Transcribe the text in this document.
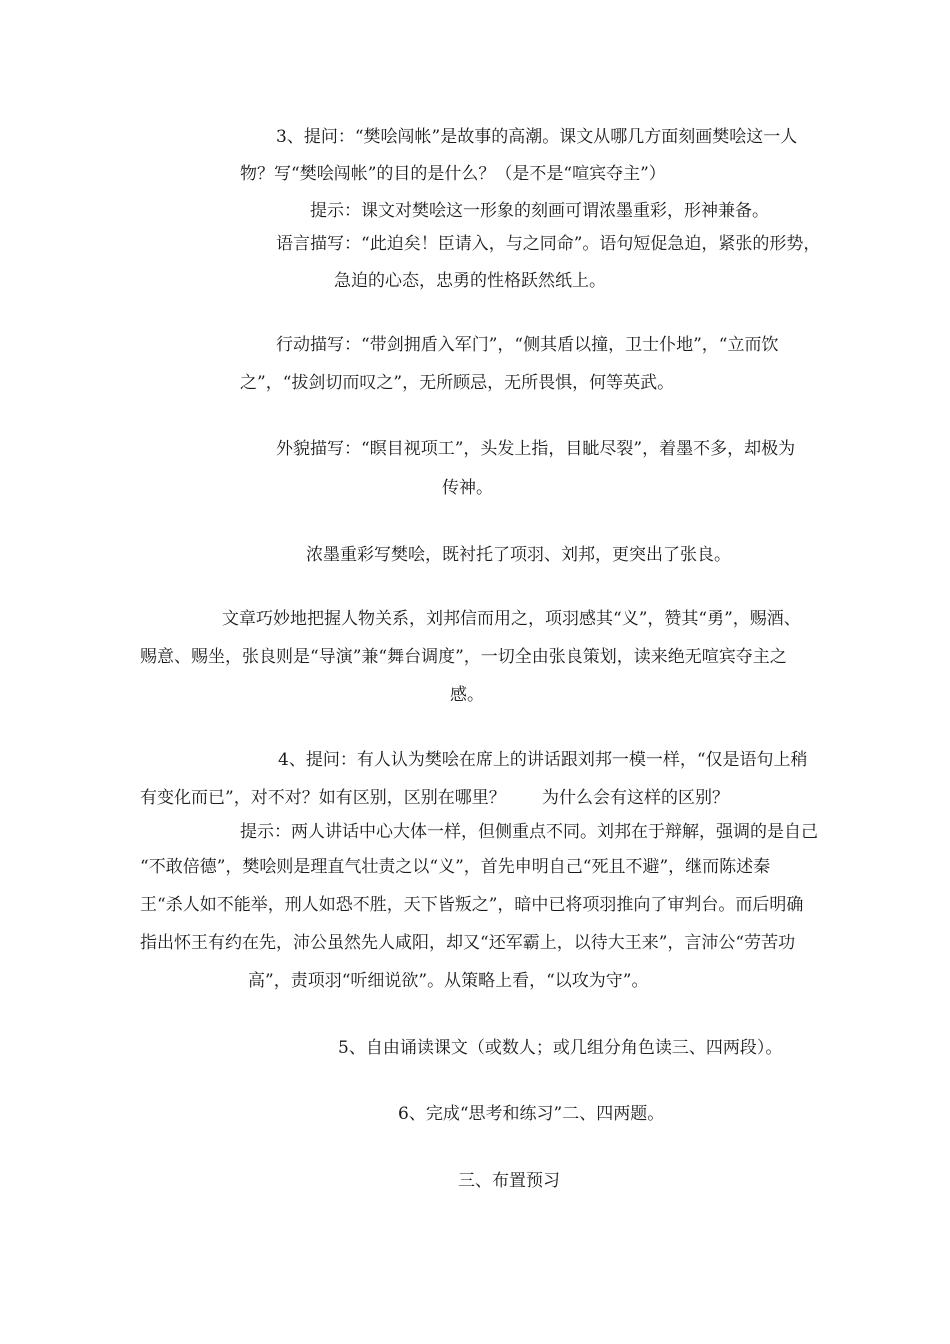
3、提问：“樊哙闯帐”是故事的高潮。课文从哪几方面刻画樊哙这一人
物？写“樊哙闯帐”的目的是什么？（是不是“喧宾夺主”）
提示：课文对樊哙这一形象的刻画可谓浓墨重彩，形神兼备。
语言描写：“此迫矣！臣请入，与之同命”。语句短促急迫，紧张的形势，
急迫的心态，忠勇的性格跃然纸上。
行动描写：“带剑拥盾入军门”，“侧其盾以撞，卫士仆地”，“立而饮
之”，“拔剑切而叹之”，无所顾忌，无所畏惧，何等英武。
外貌描写：“瞑目视项工”，头发上指，目眦尽裂”，着墨不多，却极为
传神。
浓墨重彩写樊哙，既衬托了项羽、刘邦，更突出了张良。
文章巧妙地把握人物关系，刘邦信而用之，项羽感其“义”，赞其“勇”，赐酒、
赐意、赐坐，张良则是“导演”兼“舞台调度”，一切全由张良策划，读来绝无喧宾夺主之
感。
4、提问：有人认为樊哙在席上的讲话跟刘邦一模一样，“仅是语句上稍
有变化而已”，对不对？如有区别，区别在哪里？ 为什么会有这样的区别？
提示：两人讲话中心大体一样，但侧重点不同。刘邦在于辩解，强调的是自己
“不敢倍德”，樊哙则是理直气壮责之以“义”，首先申明自己“死且不避”，继而陈述秦
王“杀人如不能举，刑人如恐不胜，天下皆叛之”，暗中已将项羽推向了审判台。而后明确
指出怀王有约在先，沛公虽然先人咸阳，却又“还军霸上，以待大王来”，言沛公“劳苦功
高”，责项羽“听细说欲”。从策略上看，“以攻为守”。
5、自由诵读课文（或数人；或几组分角色读三、四两段）。
6、完成“思考和练习”二、四两题。
三、布置预习
